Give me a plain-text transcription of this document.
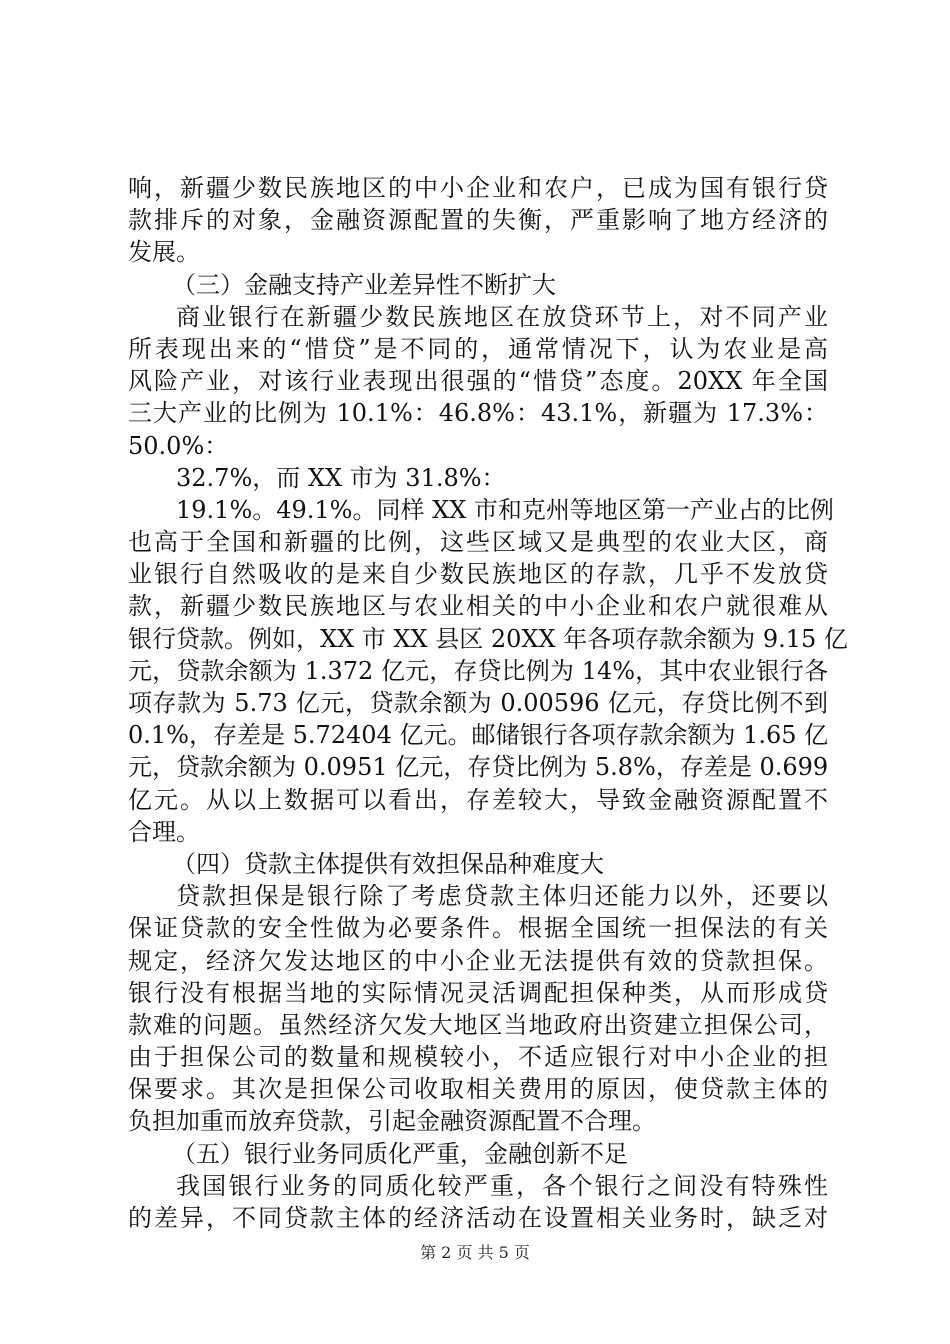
响，新疆少数民族地区的中小企业和农户，已成为国有银行贷
款排斥的对象，金融资源配置的失衡，严重影响了地方经济的
发展。
（三）金融支持产业差异性不断扩大
商业银行在新疆少数民族地区在放贷环节上，对不同产业
所表现出来的“惜贷”是不同的，通常情况下，认为农业是高
风险产业，对该行业表现出很强的“惜贷”态度。20XX 年全国
三大产业的比例为 10.1%：46.8%：43.1%，新疆为 17.3%：
50.0%：
32.7%，而 XX 市为 31.8%：
19.1%。49.1%。同样 XX 市和克州等地区第一产业占的比例
也高于全国和新疆的比例，这些区域又是典型的农业大区，商
业银行自然吸收的是来自少数民族地区的存款，几乎不发放贷
款，新疆少数民族地区与农业相关的中小企业和农户就很难从
银行贷款。例如，XX 市 XX 县区 20XX 年各项存款余额为 9.15 亿
元，贷款余额为 1.372 亿元，存贷比例为 14%，其中农业银行各
项存款为 5.73 亿元，贷款余额为 0.00596 亿元，存贷比例不到
0.1%，存差是 5.72404 亿元。邮储银行各项存款余额为 1.65 亿
元，贷款余额为 0.0951 亿元，存贷比例为 5.8%，存差是 0.699
亿元。从以上数据可以看出，存差较大，导致金融资源配置不
合理。
（四）贷款主体提供有效担保品种难度大
贷款担保是银行除了考虑贷款主体归还能力以外，还要以
保证贷款的安全性做为必要条件。根据全国统一担保法的有关
规定，经济欠发达地区的中小企业无法提供有效的贷款担保。
银行没有根据当地的实际情况灵活调配担保种类，从而形成贷
款难的问题。虽然经济欠发大地区当地政府出资建立担保公司，
由于担保公司的数量和规模较小，不适应银行对中小企业的担
保要求。其次是担保公司收取相关费用的原因，使贷款主体的
负担加重而放弃贷款，引起金融资源配置不合理。
（五）银行业务同质化严重，金融创新不足
我国银行业务的同质化较严重，各个银行之间没有特殊性
的差异，不同贷款主体的经济活动在设置相关业务时，缺乏对
第 2 页 共 5 页
